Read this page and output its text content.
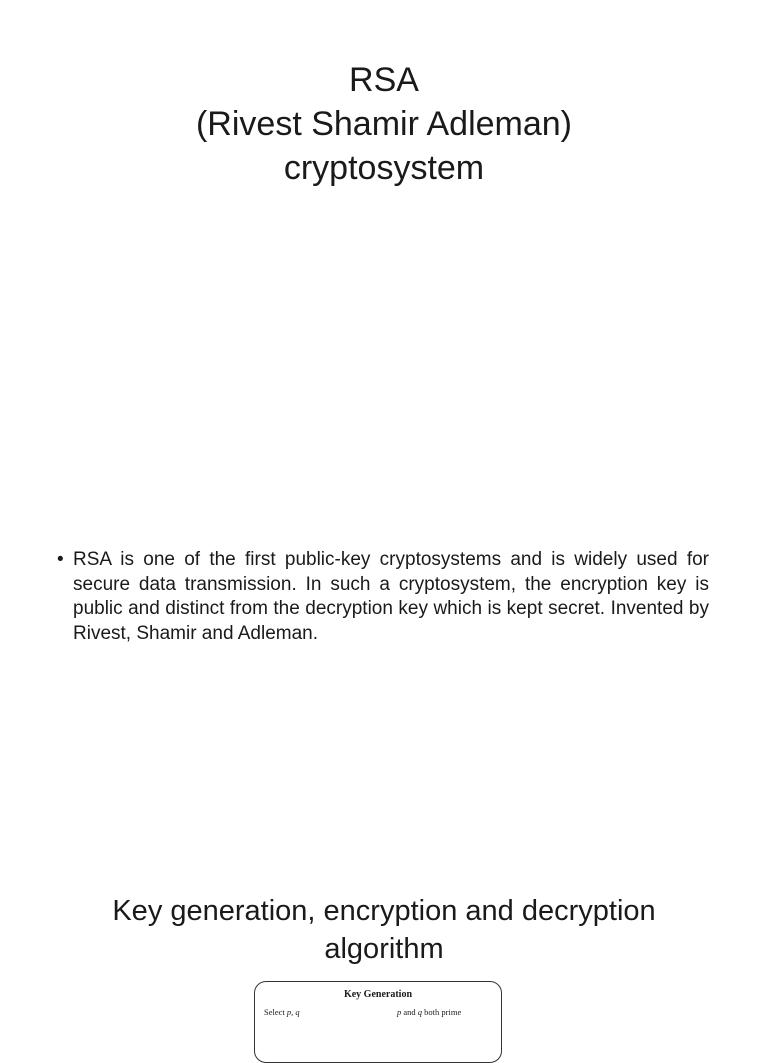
RSA
(Rivest Shamir Adleman)
cryptosystem
• RSA is one of the first public-key cryptosystems and is widely used for secure data transmission. In such a cryptosystem, the encryption key is public and distinct from the decryption key which is kept secret. Invented by Rivest, Shamir and Adleman.
Key generation, encryption and decryption
algorithm
Key Generation
Select p, q	p and q both prime
